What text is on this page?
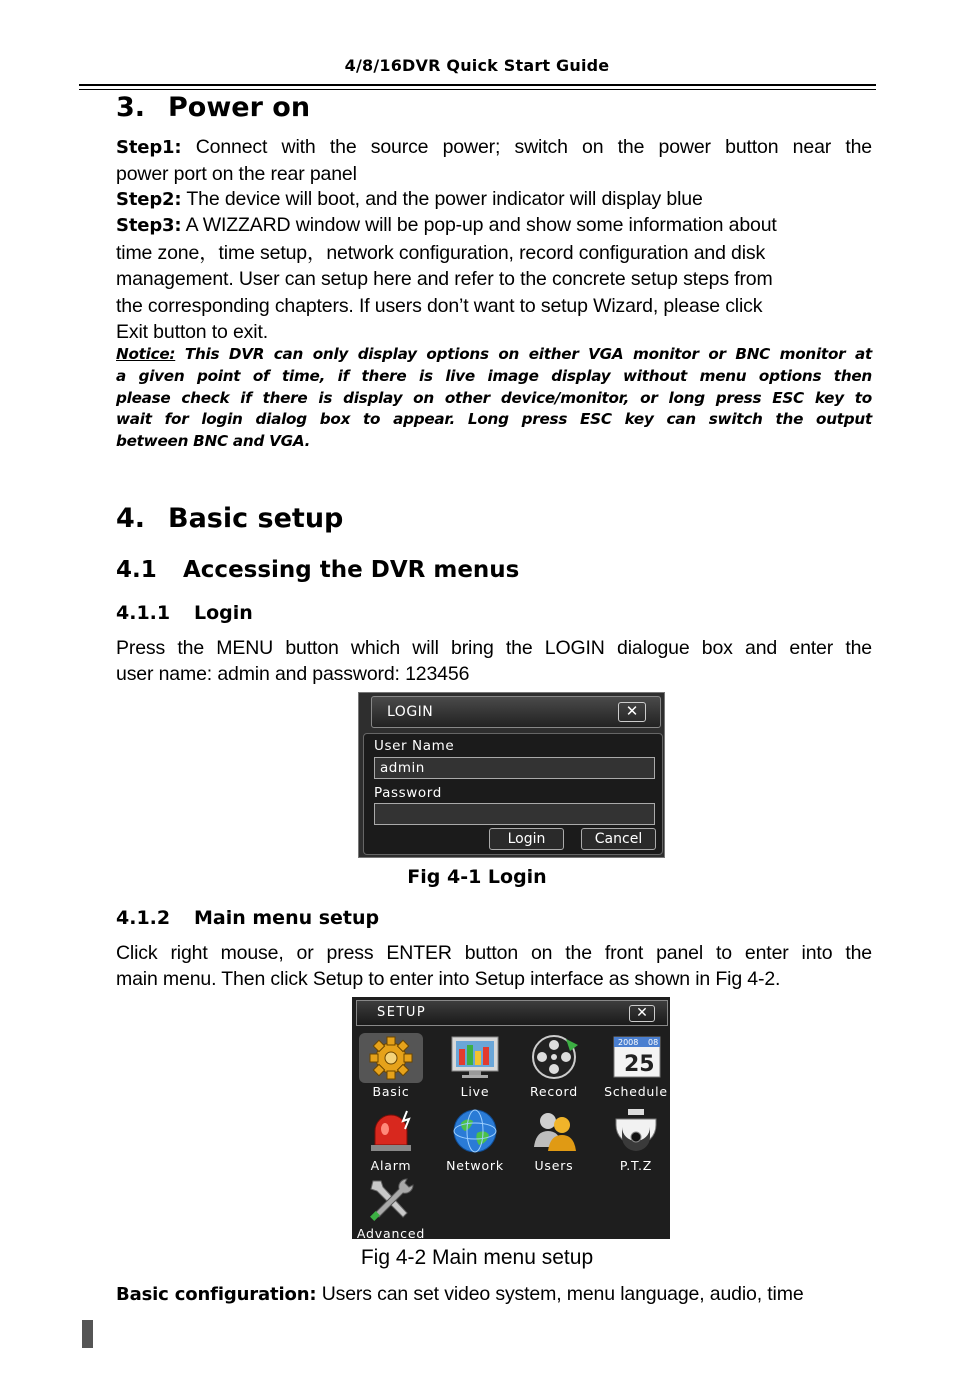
4/8/16DVR Quick Start Guide
3. Power on
Step1: Connect with the source power; switch on the power button near the
power port on the rear panel
Step2: The device will boot, and the power indicator will display blue
Step3: A WIZZARD window will be pop-up and show some information about
time zone，time setup，network configuration, record configuration and disk
management. User can setup here and refer to the concrete setup steps from
the corresponding chapters. If users don’t want to setup Wizard, please click
Exit button to exit.
Notice: This DVR can only display options on either VGA monitor or BNC monitor at
a given point of time, if there is live image display without menu options then
please check if there is display on other device/monitor, or long press ESC key to
wait for login dialog box to appear. Long press ESC key can switch the output
between BNC and VGA.
4. Basic setup
4.1 Accessing the DVR menus
4.1.1 Login
Press the MENU button which will bring the LOGIN dialogue box and enter the
user name: admin and password: 123456
LOGIN	✕
User Name
admin
Password
Login	Cancel
Fig 4-1 Login
4.1.2 Main menu setup
Click right mouse, or press ENTER button on the front panel to enter into the
main menu. Then click Setup to enter into Setup interface as shown in Fig 4-2.
SETUP	✕
Basic	Live	Record
2008 08
25
Schedule
Alarm	Network	Users	P.T.Z
Advanced
Fig 4-2 Main menu setup
Basic configuration: Users can set video system, menu language, audio, time
